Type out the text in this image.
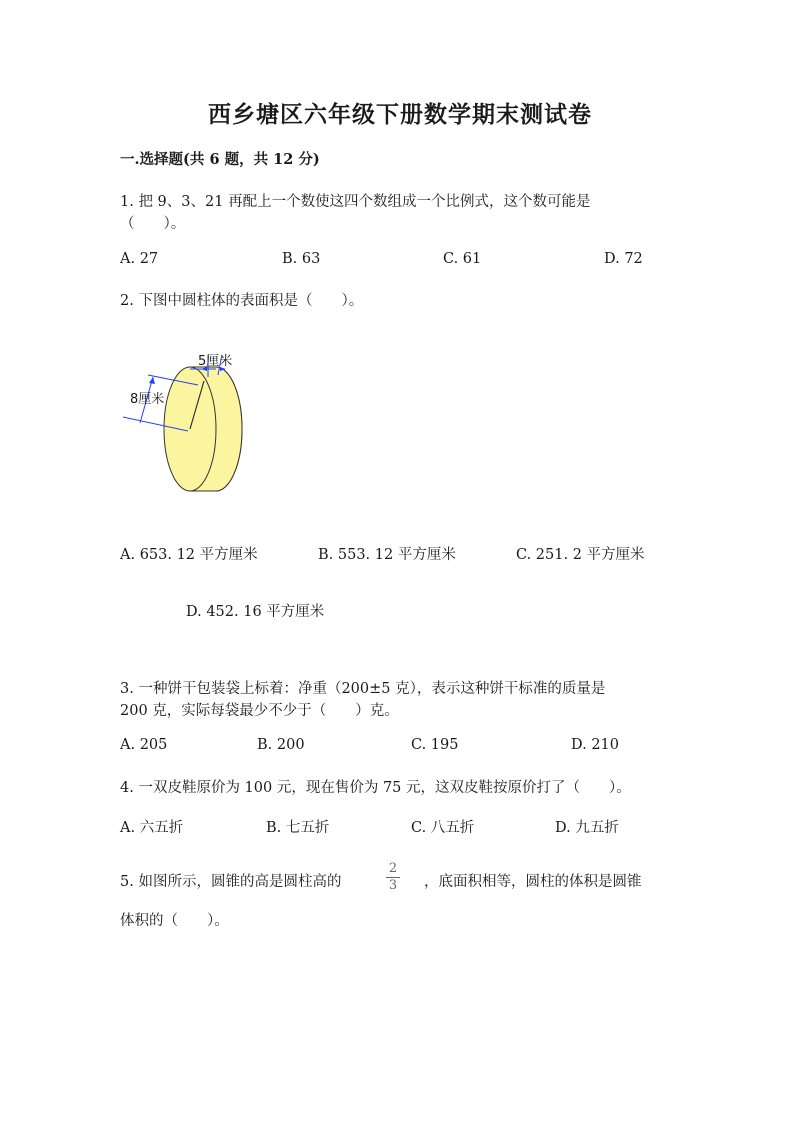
西乡塘区六年级下册数学期末测试卷
一.选择题(共 6 题，共 12 分)
1. 把 9、3、21 再配上一个数使这四个数组成一个比例式，这个数可能是
（　　）。
A. 27	B. 63	C. 61	D. 72
2. 下图中圆柱体的表面积是（　　）。
5厘米
8厘米
A. 653. 12 平方厘米	B. 553. 12 平方厘米	C. 251. 2 平方厘米
D. 452. 16 平方厘米
3. 一种饼干包装袋上标着：净重（200±5 克），表示这种饼干标准的质量是
200 克，实际每袋最少不少于（　　）克。
A. 205	B. 200	C. 195	D. 210
4. 一双皮鞋原价为 100 元，现在售价为 75 元，这双皮鞋按原价打了（　　）。
A. 六五折	B. 七五折	C. 八五折	D. 九五折
5. 如图所示，圆锥的高是圆柱高的
2
3 ，底面积相等，圆柱的体积是圆锥
体积的（　　）。
